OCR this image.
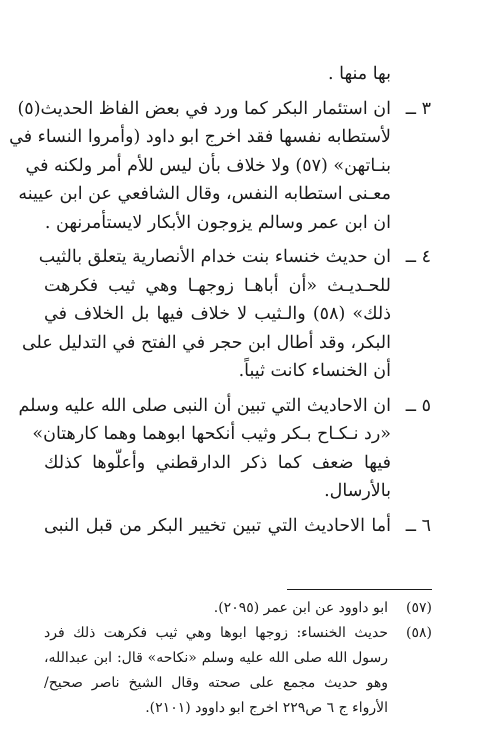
بها منها .
٣ ــ
ان استئمار البكر كما ورد في بعض الفاظ الحديث(٥)
لأستطابه نفسها فقد اخرج ابو داود (وأمروا النساء في
بنـاتهن» (٥٧) ولا خلاف بأن ليس للأم أمر ولكنه في
معـنى استطابه النفس، وقال الشافعي عن ابن عيينه
ان ابن عمر وسالم يزوجون الأبكار لايستأمرنهن .
٤ ــ
ان حديث خنساء بنت خدام الأنصارية يتعلق بالثيب
للحـديـث «أن أباهـا زوجهـا وهي ثيب فكرهت
ذلك» (٥٨) والـثيب لا خلاف فيها بل الخلاف في
البكر، وقد أطال ابن حجر في الفتح في التدليل على
أن الخنساء كانت ثيباً.
٥ ــ
ان الاحاديث التي تبين أن النبى صلى الله عليه وسلم
«رد نـكـاح بـكر وثيب أنكحها ابوهما وهما كارهتان»
فيها ضعف كما ذكر الدارقطني وأعلّوها كذلك
بالأرسال.
٦ ــ
أما الاحاديث التي تبين تخيير البكر من قبل النبى
(٥٧)
ابو داوود عن ابن عمر (٢٠٩٥).
(٥٨)
حديث الخنساء: زوجها ابوها وهي ثيب فكرهت ذلك فرد
رسول الله صلى الله عليه وسلم «نكاحه» قال: ابن عبدالله،
وهو حديث مجمع على صحته وقال الشيخ ناصر صحيح/
الأرواء ج ٦ ص٢٢٩ اخرج ابو داوود (٢١٠١).
